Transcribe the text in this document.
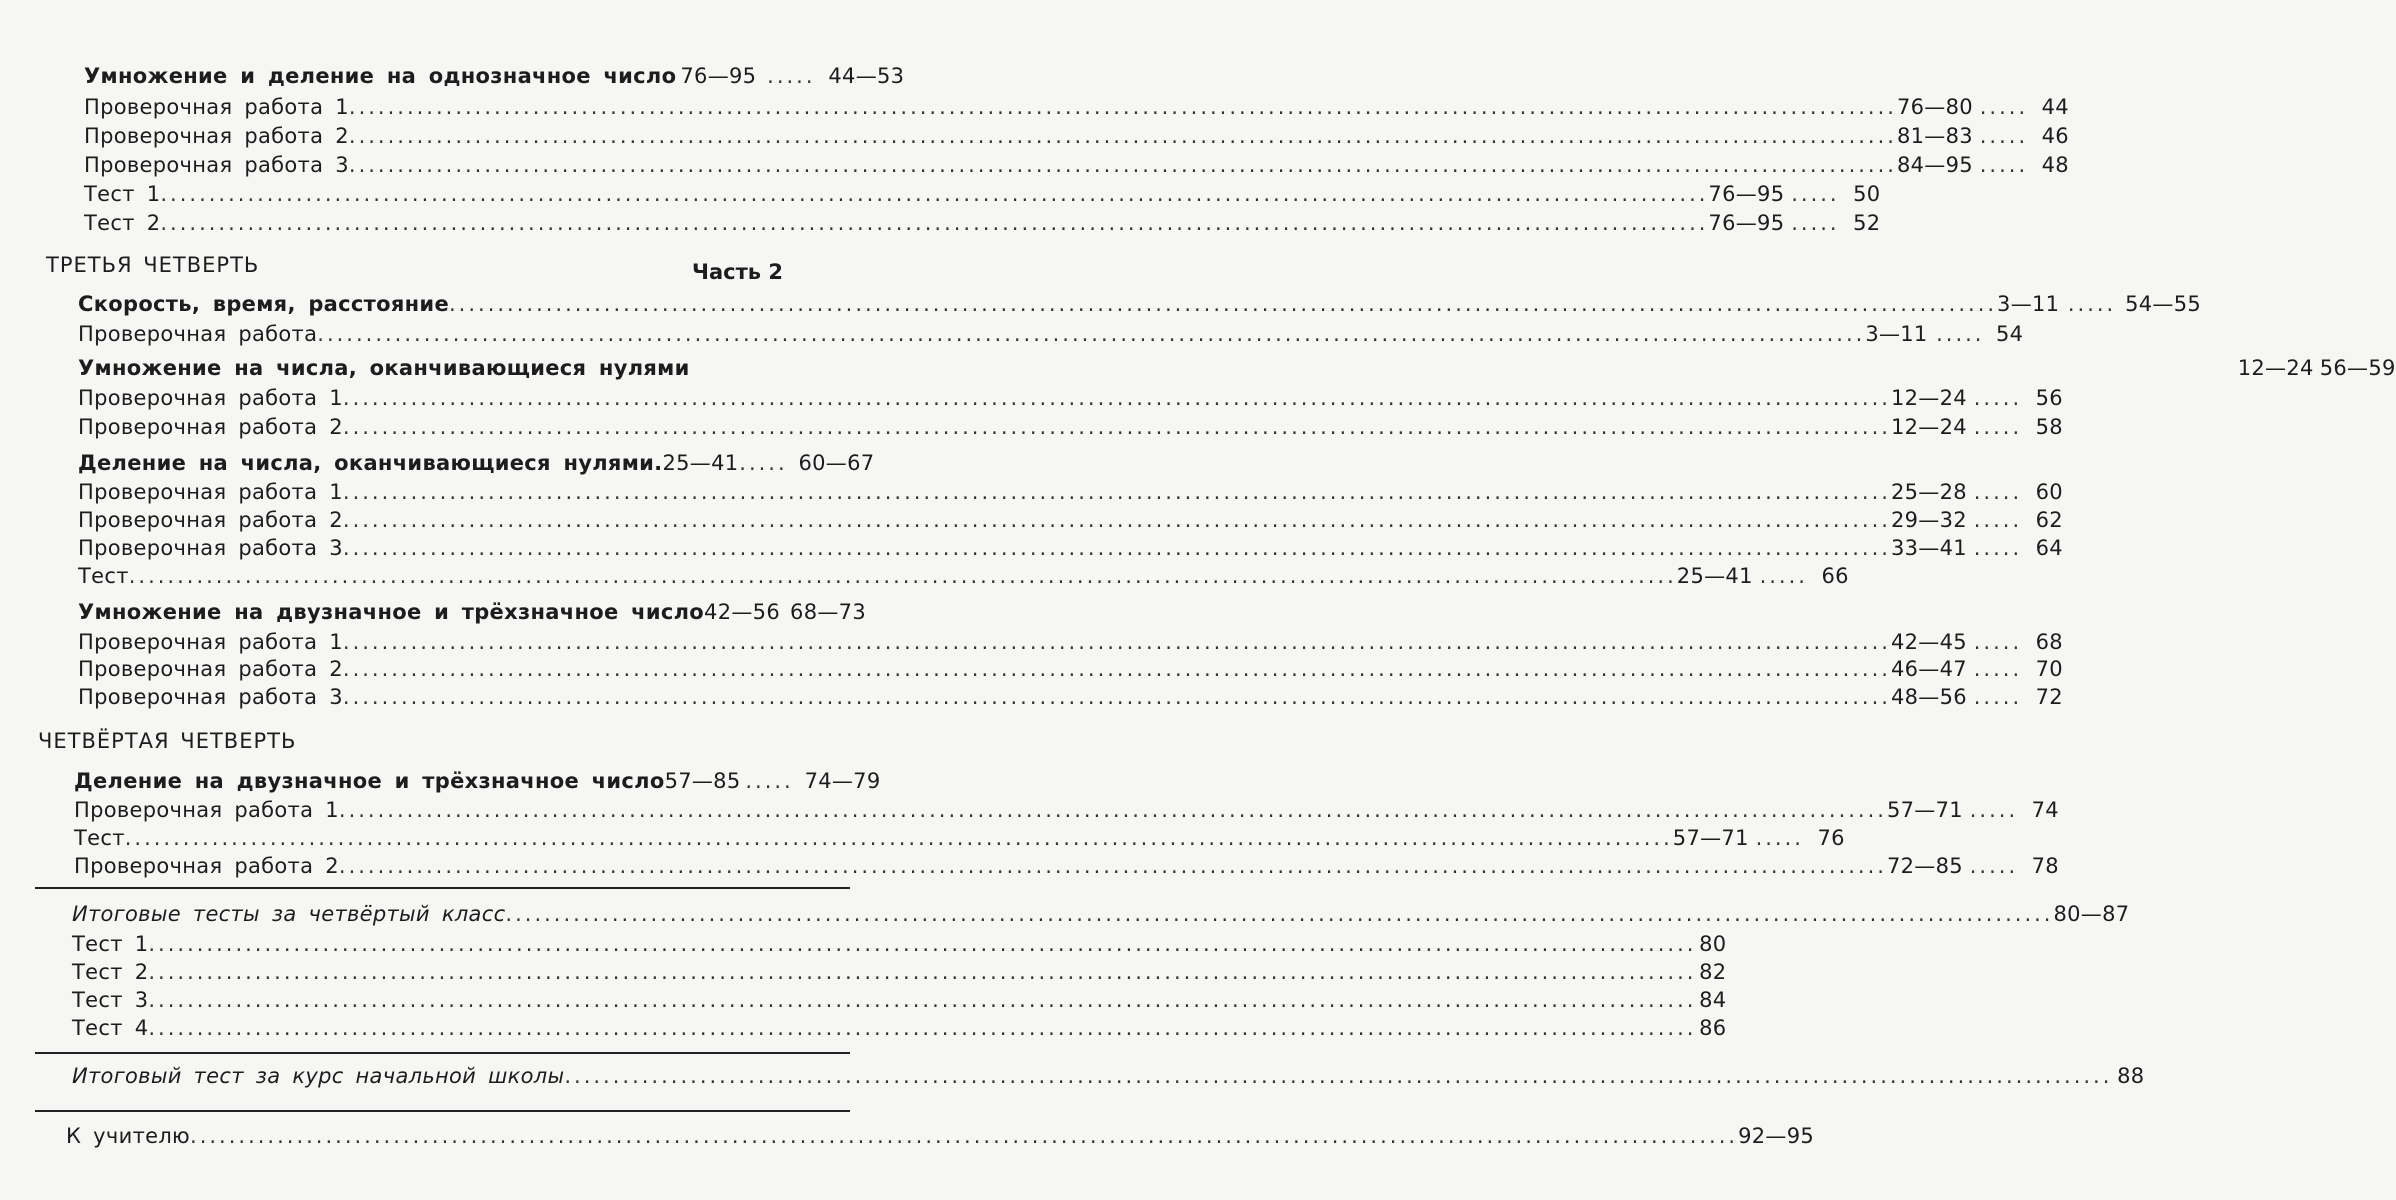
Умножение и деление на однозначное число 76—95 ..... 44—53
Проверочная работа 1 .....	76—80 ..... 44
Проверочная работа 2 .....	81—83 ..... 46
Проверочная работа 3 .....	84—95 ..... 48
Тест 1 .....	76—95 ..... 50
Тест 2 .....	76—95 ..... 52
ТРЕТЬЯ ЧЕТВЕРТЬ	Часть 2
Скорость, время, расстояние .....	3—11 ..... 54—55
Проверочная работа .....	3—11 ..... 54
Умножение на числа, оканчивающиеся нулями	12—24 56—59
Проверочная работа 1 .....	12—24 ..... 56
Проверочная работа 2 .....	12—24 ..... 58
Деление на числа, оканчивающиеся нулями. 25—41 ..... 60—67
Проверочная работа 1 .....	25—28 ..... 60
Проверочная работа 2 .....	29—32 ..... 62
Проверочная работа 3 .....	33—41 ..... 64
Тест .....	25—41 ..... 66
Умножение на двузначное и трёхзначное число 42—56 68—73
Проверочная работа 1 .....	42—45 ..... 68
Проверочная работа 2 .....	46—47 ..... 70
Проверочная работа 3 .....	48—56 ..... 72
ЧЕТВЁРТАЯ ЧЕТВЕРТЬ
Деление на двузначное и трёхзначное число 57—85 ..... 74—79
Проверочная работа 1 .....	57—71 ..... 74
Тест .....	57—71 ..... 76
Проверочная работа 2 .....	72—85 ..... 78
Итоговые тесты за четвёртый класс .....	80—87
Тест 1 .....	80
Тест 2 .....	82
Тест 3 .....	84
Тест 4 .....	86
Итоговый тест за курс начальной школы .....	88
К учителю .....	92—95
